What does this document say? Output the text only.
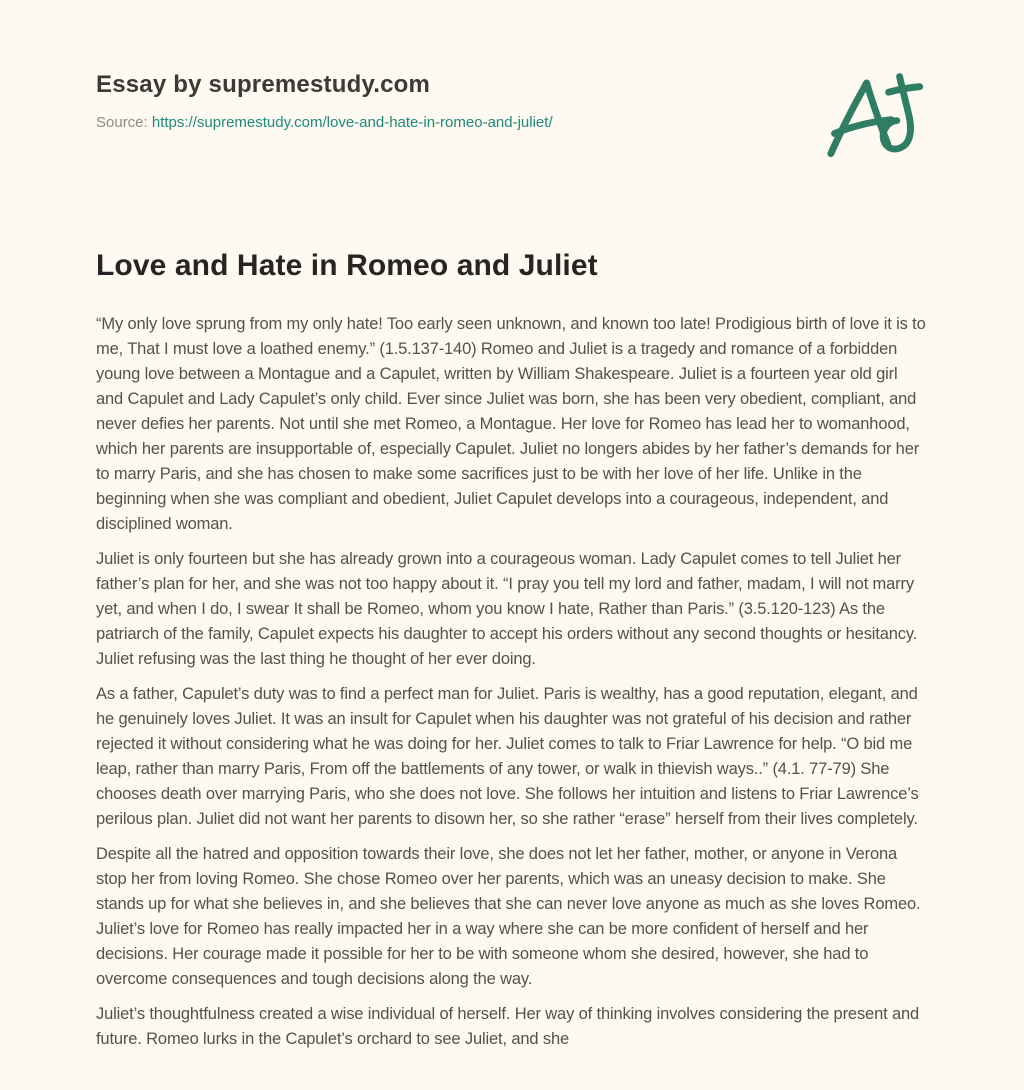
Essay by supremestudy.com
Source: https://supremestudy.com/love-and-hate-in-romeo-and-juliet/
Love and Hate in Romeo and Juliet

“My only love sprung from my only hate! Too early seen unknown, and known too late! Prodigious birth of love it is to me, That I must love a loathed enemy.” (1.5.137-140) Romeo and Juliet is a tragedy and romance of a forbidden young love between a Montague and a Capulet, written by William Shakespeare. Juliet is a fourteen year old girl and Capulet and Lady Capulet’s only child. Ever since Juliet was born, she has been very obedient, compliant, and never defies her parents. Not until she met Romeo, a Montague. Her love for Romeo has lead her to womanhood, which her parents are insupportable of, especially Capulet. Juliet no longers abides by her father’s demands for her to marry Paris, and she has chosen to make some sacrifices just to be with her love of her life. Unlike in the beginning when she was compliant and obedient, Juliet Capulet develops into a courageous, independent, and disciplined woman.

Juliet is only fourteen but she has already grown into a courageous woman. Lady Capulet comes to tell Juliet her father’s plan for her, and she was not too happy about it. “I pray you tell my lord and father, madam, I will not marry yet, and when I do, I swear It shall be Romeo, whom you know I hate, Rather than Paris.” (3.5.120-123) As the patriarch of the family, Capulet expects his daughter to accept his orders without any second thoughts or hesitancy. Juliet refusing was the last thing he thought of her ever doing.

As a father, Capulet’s duty was to find a perfect man for Juliet. Paris is wealthy, has a good reputation, elegant, and he genuinely loves Juliet. It was an insult for Capulet when his daughter was not grateful of his decision and rather rejected it without considering what he was doing for her. Juliet comes to talk to Friar Lawrence for help. “O bid me leap, rather than marry Paris, From off the battlements of any tower, or walk in thievish ways..” (4.1. 77-79) She chooses death over marrying Paris, who she does not love. She follows her intuition and listens to Friar Lawrence’s perilous plan. Juliet did not want her parents to disown her, so she rather “erase” herself from their lives completely.

Despite all the hatred and opposition towards their love, she does not let her father, mother, or anyone in Verona stop her from loving Romeo. She chose Romeo over her parents, which was an uneasy decision to make. She stands up for what she believes in, and she believes that she can never love anyone as much as she loves Romeo. Juliet’s love for Romeo has really impacted her in a way where she can be more confident of herself and her decisions. Her courage made it possible for her to be with someone whom she desired, however, she had to overcome consequences and tough decisions along the way.

Juliet’s thoughtfulness created a wise individual of herself. Her way of thinking involves considering the present and future. Romeo lurks in the Capulet’s orchard to see Juliet, and she
